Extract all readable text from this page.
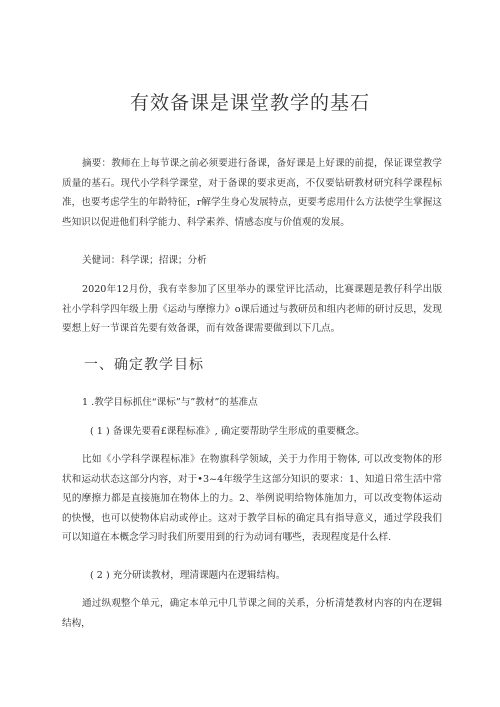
有效备课是课堂教学的基石
摘要：教师在上每节课之前必须要进行备课，备好课是上好课的前提，保证课堂教学质量的基石。现代小学科学课堂，对于备课的要求更高，不仅要钻研教材研究科学课程标准，也要考虑学生的年龄特征，r解学生身心发展特点，更要考虑用什么方法使学生掌握这些知识以促进他们科学能力、科学素养、情感态度与价值观的发展。
关健词：科学课；招课；分析
2020年12月份，我有幸参加了区里举办的课堂评比活动，比赛课题是教仔科学出版社小学科学四年级上册《运动与摩擦力》o课后通过与教研员和组内老师的研讨反思，发现要想上好一节课首先要有效备课，而有效备课需要做到以下几点。
一、确定教学目标
1 .教学目标抓住“课标”与”教材”的基准点
( 1 ) 备课先要看£课程标准》, 确定要帮助学生形成的重要概念。
比如《小学科学课程标准》在物旗科学领域，关于力作用于物体, 可以改变物体的形状和运动状态这部分内容，对于•3~4年级学生这部分知识的要求：1、知道日常生活中常见的摩擦力都是直接施加在物体上的力。2、举例说明给物体施加力，可以改变物体运动的快慢，也可以使物体启动或停止。这对于教学目标的确定具有指导意义，通过学段我们可以知道在本概念学习时我们所要用到的行为动词有哪些，表现程度是什么样.
( 2 ) 充分研读教材，理清课题内在逻辑结构。
通过纵观整个单元，确定本单元中几节课之间的关系，分析清楚教材内容的内在逻辑结构，
